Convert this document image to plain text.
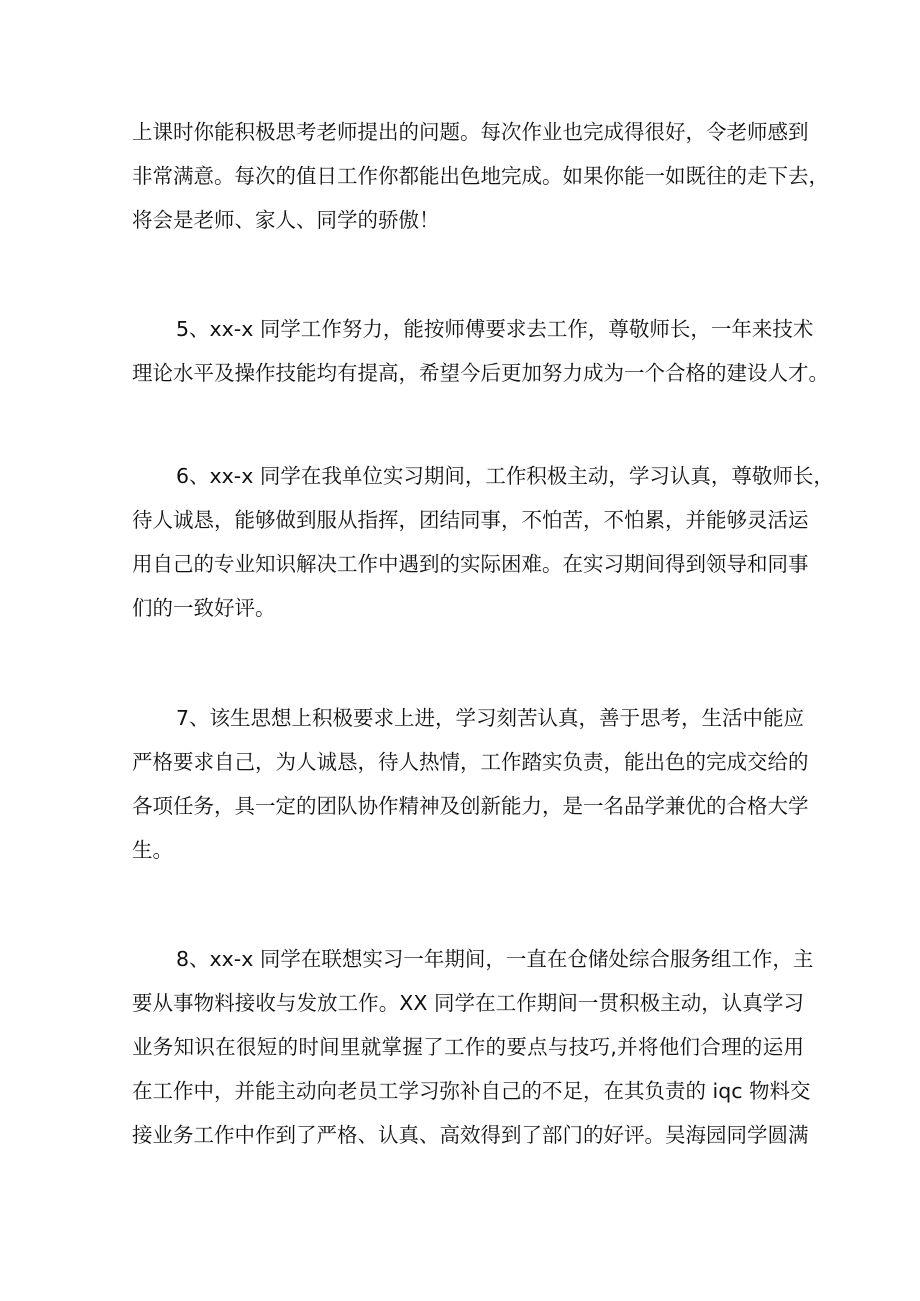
上课时你能积极思考老师提出的问题。每次作业也完成得很好，令老师感到
非常满意。每次的值日工作你都能出色地完成。如果你能一如既往的走下去，
将会是老师、家人、同学的骄傲！
5、xx-x 同学工作努力，能按师傅要求去工作，尊敬师长，一年来技术
理论水平及操作技能均有提高，希望今后更加努力成为一个合格的建设人才。
6、xx-x 同学在我单位实习期间，工作积极主动，学习认真，尊敬师长，
待人诚恳，能够做到服从指挥，团结同事，不怕苦，不怕累，并能够灵活运
用自己的专业知识解决工作中遇到的实际困难。在实习期间得到领导和同事
们的一致好评。
7、该生思想上积极要求上进，学习刻苦认真，善于思考，生活中能应
严格要求自己，为人诚恳，待人热情，工作踏实负责，能出色的完成交给的
各项任务，具一定的团队协作精神及创新能力，是一名品学兼优的合格大学
生。
8、xx-x 同学在联想实习一年期间，一直在仓储处综合服务组工作，主
要从事物料接收与发放工作。XX 同学在工作期间一贯积极主动，认真学习
业务知识在很短的时间里就掌握了工作的要点与技巧,并将他们合理的运用
在工作中，并能主动向老员工学习弥补自己的不足，在其负责的 iqc 物料交
接业务工作中作到了严格、认真、高效得到了部门的好评。吴海园同学圆满
